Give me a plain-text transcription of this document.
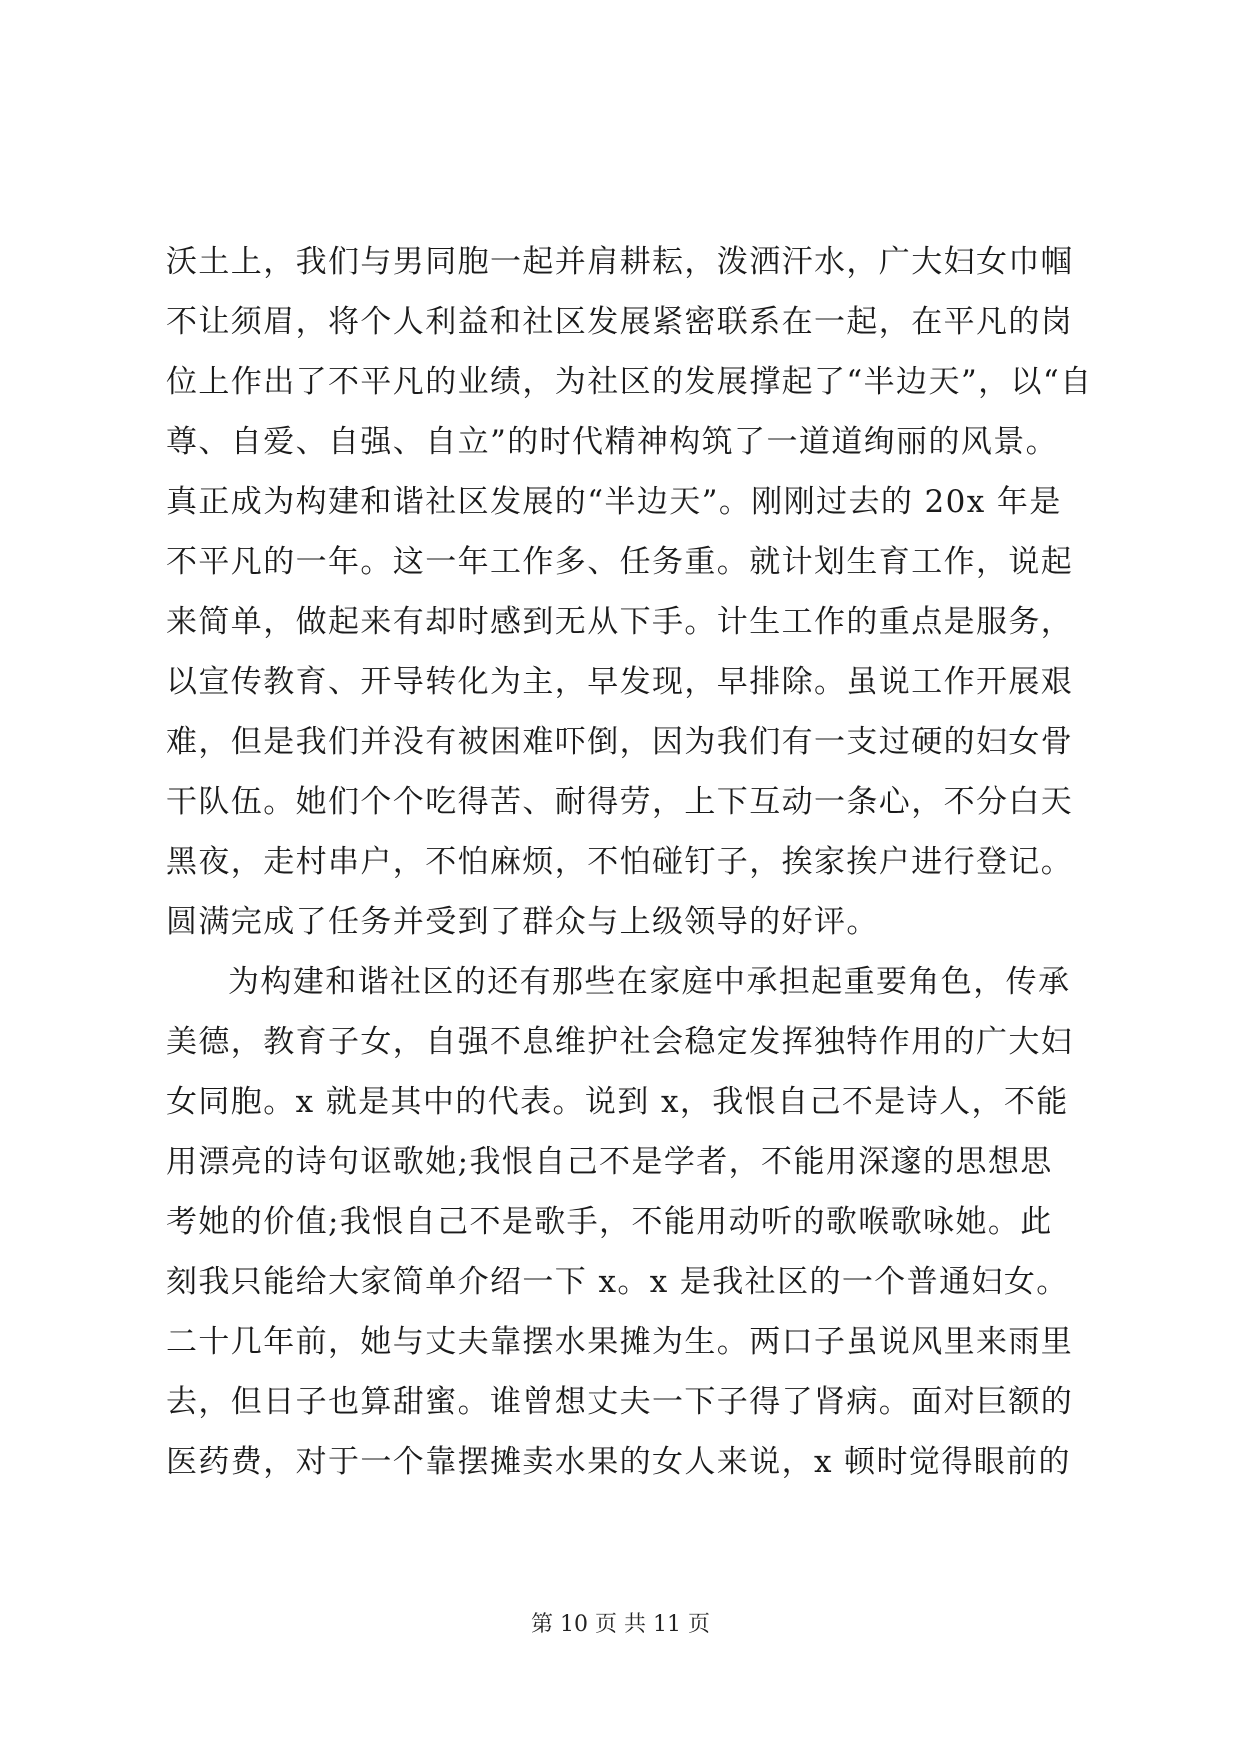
沃土上，我们与男同胞一起并肩耕耘，泼洒汗水，广大妇女巾帼
不让须眉，将个人利益和社区发展紧密联系在一起，在平凡的岗
位上作出了不平凡的业绩，为社区的发展撑起了“半边天”，以“自
尊、自爱、自强、自立”的时代精神构筑了一道道绚丽的风景。
真正成为构建和谐社区发展的“半边天”。刚刚过去的 20x 年是
不平凡的一年。这一年工作多、任务重。就计划生育工作，说起
来简单，做起来有却时感到无从下手。计生工作的重点是服务，
以宣传教育、开导转化为主，早发现，早排除。虽说工作开展艰
难，但是我们并没有被困难吓倒，因为我们有一支过硬的妇女骨
干队伍。她们个个吃得苦、耐得劳，上下互动一条心，不分白天
黑夜，走村串户，不怕麻烦，不怕碰钉子，挨家挨户进行登记。
圆满完成了任务并受到了群众与上级领导的好评。
为构建和谐社区的还有那些在家庭中承担起重要角色，传承
美德，教育子女，自强不息维护社会稳定发挥独特作用的广大妇
女同胞。x 就是其中的代表。说到 x，我恨自己不是诗人，不能
用漂亮的诗句讴歌她;我恨自己不是学者，不能用深邃的思想思
考她的价值;我恨自己不是歌手，不能用动听的歌喉歌咏她。此
刻我只能给大家简单介绍一下 x。x 是我社区的一个普通妇女。
二十几年前，她与丈夫靠摆水果摊为生。两口子虽说风里来雨里
去，但日子也算甜蜜。谁曾想丈夫一下子得了肾病。面对巨额的
医药费，对于一个靠摆摊卖水果的女人来说，x 顿时觉得眼前的
第 10 页 共 11 页
